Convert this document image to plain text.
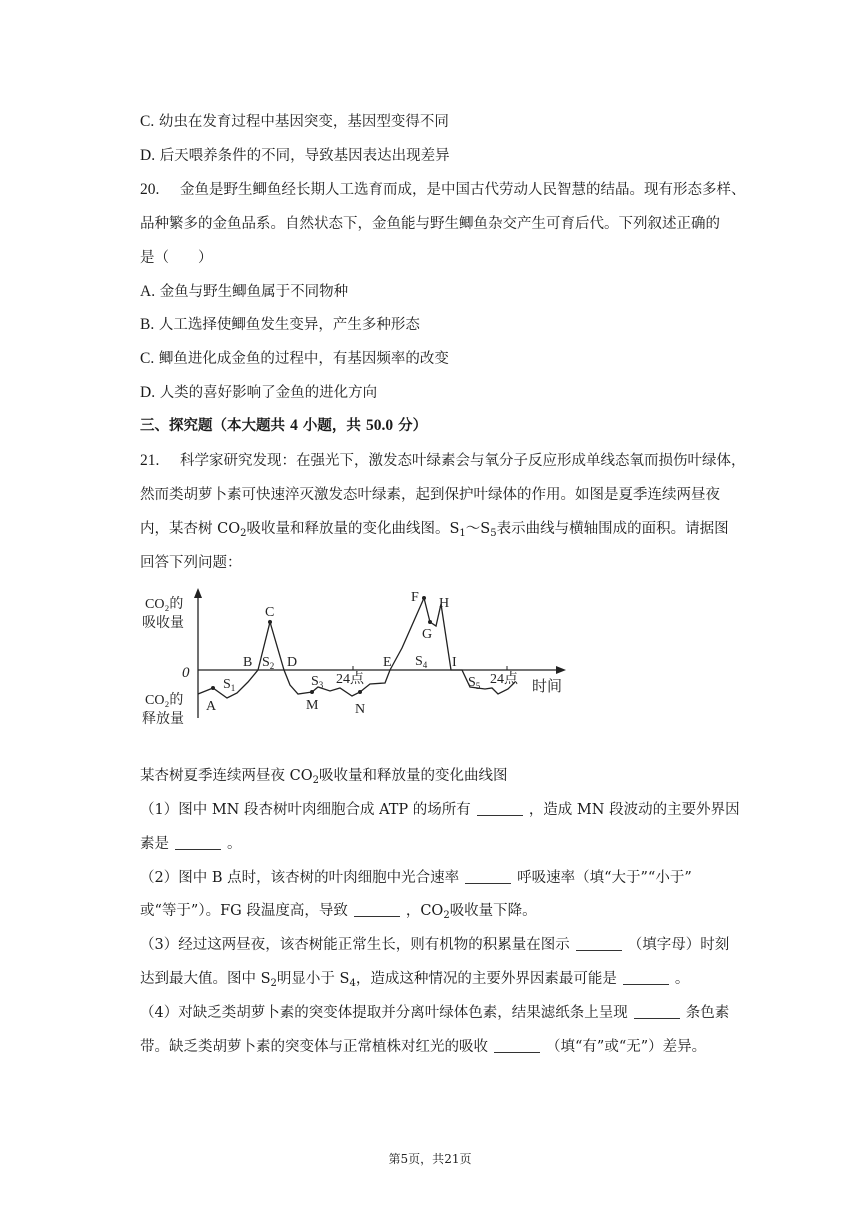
C. 幼虫在发育过程中基因突变，基因型变得不同
D. 后天喂养条件的不同，导致基因表达出现差异
20. 金鱼是野生鲫鱼经长期人工选育而成，是中国古代劳动人民智慧的结晶。现有形态多样、
品种繁多的金鱼品系。自然状态下，金鱼能与野生鲫鱼杂交产生可育后代。下列叙述正确的
是（　　）
A. 金鱼与野生鲫鱼属于不同物种
B. 人工选择使鲫鱼发生变异，产生多种形态
C. 鲫鱼进化成金鱼的过程中，有基因频率的改变
D. 人类的喜好影响了金鱼的进化方向
三、探究题（本大题共 4 小题，共 50.0 分）
21. 科学家研究发现：在强光下，激发态叶绿素会与氧分子反应形成单线态氧而损伤叶绿体，
然而类胡萝卜素可快速淬灭激发态叶绿素，起到保护叶绿体的作用。如图是夏季连续两昼夜
内，某杏树 $CO_2$吸收量和释放量的变化曲线图。$S_1\sim S_5$表示曲线与横轴围成的面积。请据图
回答下列问题：
CO₂的
吸收量
CO₂的
释放量
0
时间
A
B
C
D
M	N
E
F
G
H
I
$S_1$
$S_2$
$S_3$
$S_4$
$S_5$
24点	24点
某杏树夏季连续两昼夜 $CO_2$吸收量和释放量的变化曲线图
（1）图中 MN 段杏树叶肉细胞合成 ATP 的场所有	，造成 MN 段波动的主要外界因
素是	。
（2）图中 B 点时，该杏树的叶肉细胞中光合速率	呼吸速率（填“大于”“小于”
或“等于”）。FG 段温度高，导致	，$CO_2$吸收量下降。
（3）经过这两昼夜，该杏树能正常生长，则有机物的积累量在图示	（填字母）时刻
达到最大值。图中 $S_2$明显小于 $S_4$，造成这种情况的主要外界因素最可能是	。
（4）对缺乏类胡萝卜素的突变体提取并分离叶绿体色素，结果滤纸条上呈现	条色素
带。缺乏类胡萝卜素的突变体与正常植株对红光的吸收	（填“有”或“无”）差异。
第5页，共21页
